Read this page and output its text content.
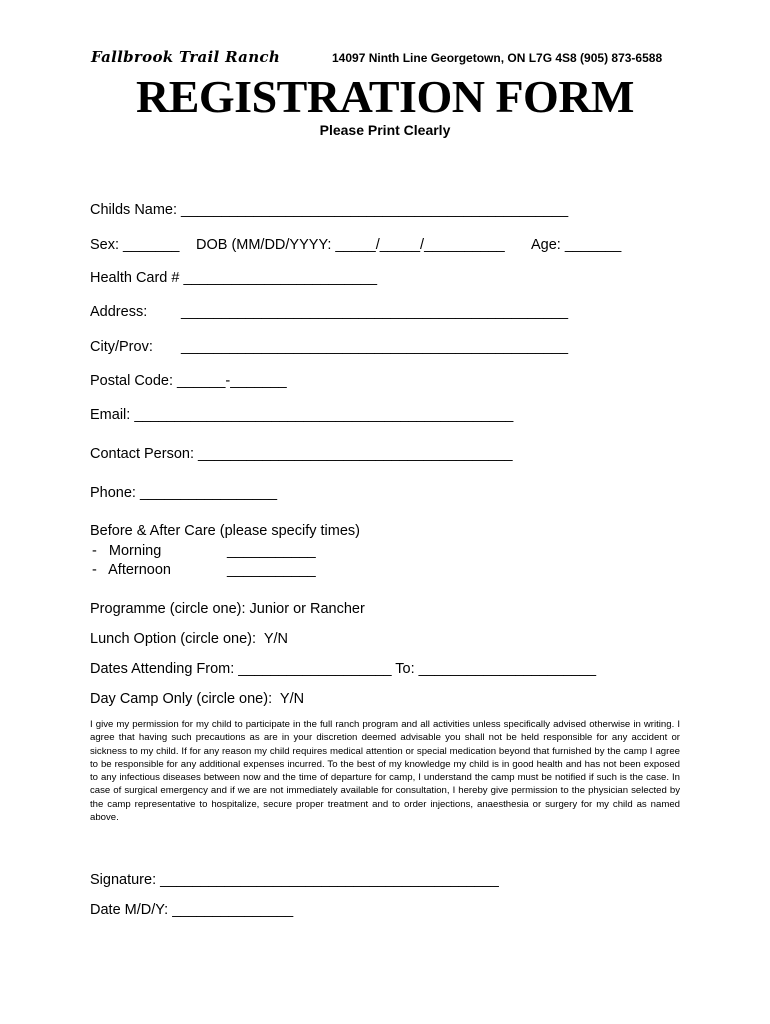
Fallbrook Trail Ranch	14097 Ninth Line Georgetown, ON L7G 4S8 (905) 873-6588
REGISTRATION FORM
Please Print Clearly
Childs Name: ________________________________________________
Sex: _______ DOB (MM/DD/YYYY: _____/_____/__________ Age: _______
Health Card # ________________________
Address: ________________________________________________
City/Prov: ________________________________________________
Postal Code: ______-_______
Email: _______________________________________________
Contact Person: _______________________________________
Phone: _________________
Before & After Care (please specify times)
-   Morning	___________
-   Afternoon	___________
Programme (circle one): Junior or Rancher
Lunch Option (circle one):  Y/N
Dates Attending From: ___________________ To: ______________________
Day Camp Only (circle one):  Y/N
I give my permission for my child to participate in the full ranch program and all activities unless specifically advised otherwise in writing. I agree that having such precautions as are in your discretion deemed advisable you shall not be held responsible for any accident or sickness to my child. If for any reason my child requires medical attention or special medication beyond that furnished by the camp I agree to be responsible for any additional expenses incurred. To the best of my knowledge my child is in good health and has not been exposed to any infectious diseases between now and the time of departure for camp, I understand the camp must be notified if such is the case. In case of surgical emergency and if we are not immediately available for consultation, I hereby give permission to the physician selected by the camp representative to hospitalize, secure proper treatment and to order injections, anaesthesia or surgery for my child as named above.
Signature: __________________________________________
Date M/D/Y: _______________
